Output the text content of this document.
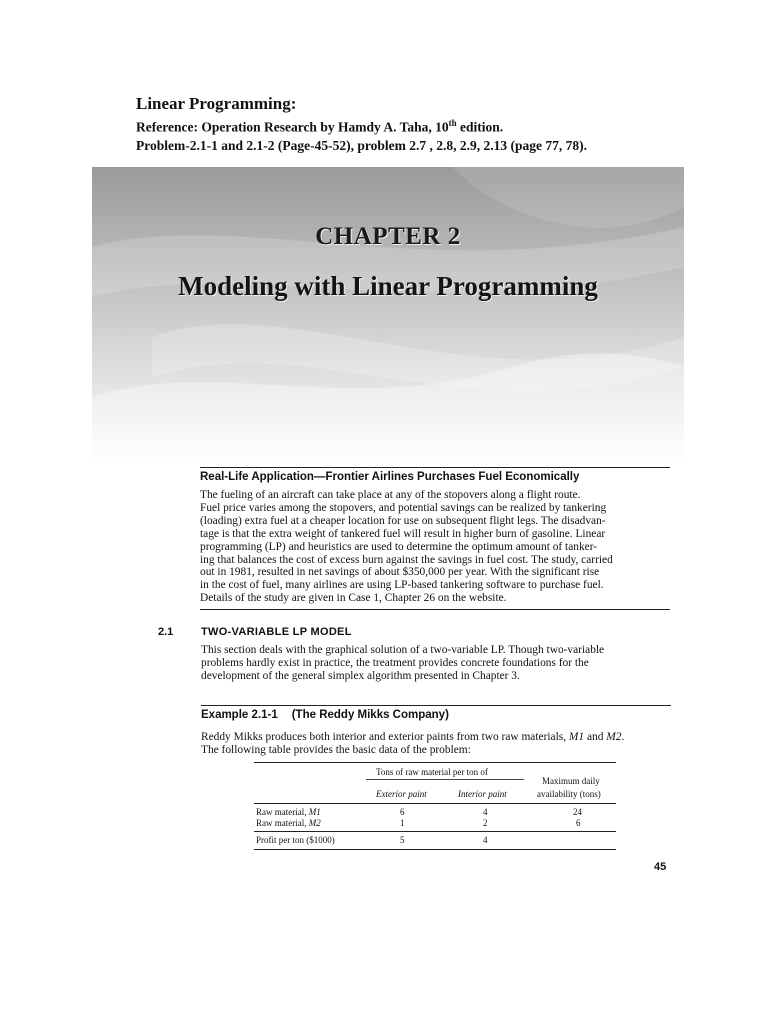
Linear Programming:

Reference: Operation Research by Hamdy A. Taha, 10th edition.

Problem-2.1-1 and 2.1-2 (Page-45-52), problem 2.7 , 2.8, 2.9, 2.13 (page 77, 78).

CHAPTER 2
Modeling with Linear Programming
Real-Life Application—Frontier Airlines Purchases Fuel Economically

The fueling of an aircraft can take place at any of the stopovers along a flight route.

Fuel price varies among the stopovers, and potential savings can be realized by tankering

(loading) extra fuel at a cheaper location for use on subsequent flight legs. The disadvan-

tage is that the extra weight of tankered fuel will result in higher burn of gasoline. Linear

programming (LP) and heuristics are used to determine the optimum amount of tanker-

ing that balances the cost of excess burn against the savings in fuel cost. The study, carried

out in 1981, resulted in net savings of about $350,000 per year. With the significant rise

in the cost of fuel, many airlines are using LP-based tankering software to purchase fuel.

Details of the study are given in Case 1, Chapter 26 on the website.

2.1	TWO-VARIABLE LP MODEL

This section deals with the graphical solution of a two-variable LP. Though two-variable

problems hardly exist in practice, the treatment provides concrete foundations for the

development of the general simplex algorithm presented in Chapter 3.

Example 2.1-1 (The Reddy Mikks Company)

Reddy Mikks produces both interior and exterior paints from two raw materials, M1 and M2.

The following table provides the basic data of the problem:

Tons of raw material per ton of
Maximum daily
Exterior paint	Interior paint	availability (tons)
Raw material, M1	6	4	24
Raw material, M2	1	2	6
Profit per ton ($1000)	5	4
45
